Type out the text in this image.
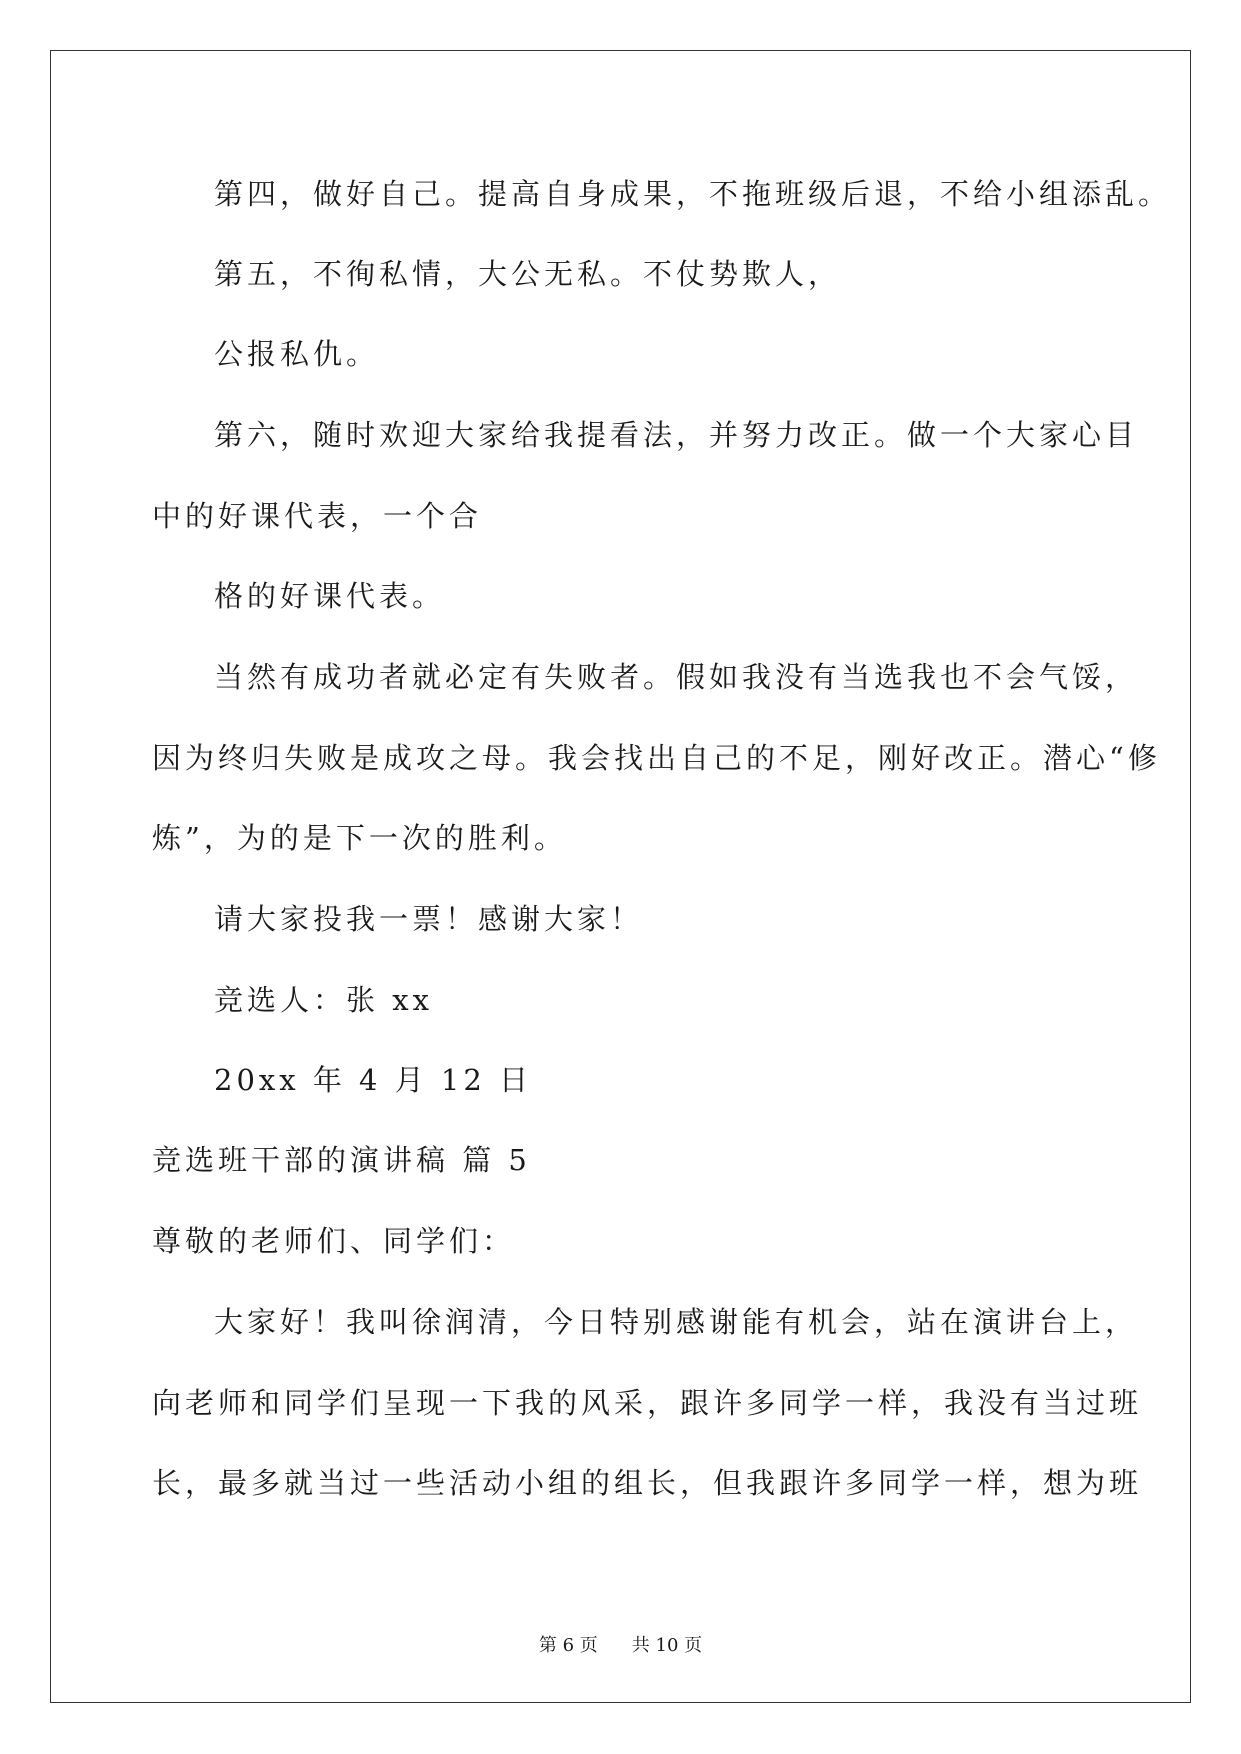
第四，做好自己。提高自身成果，不拖班级后退，不给小组添乱。
第五，不徇私情，大公无私。不仗势欺人，
公报私仇。
第六，随时欢迎大家给我提看法，并努力改正。做一个大家心目
中的好课代表，一个合
格的好课代表。
当然有成功者就必定有失败者。假如我没有当选我也不会气馁，
因为终归失败是成攻之母。我会找出自己的不足，刚好改正。潜心“修
炼”，为的是下一次的胜利。
请大家投我一票！感谢大家！
竞选人：张 xx
20xx 年 4 月 12 日
竞选班干部的演讲稿 篇 5
尊敬的老师们、同学们：
大家好！我叫徐润清，今日特别感谢能有机会，站在演讲台上，
向老师和同学们呈现一下我的风采，跟许多同学一样，我没有当过班
长，最多就当过一些活动小组的组长，但我跟许多同学一样，想为班
第 6 页 共 10 页
